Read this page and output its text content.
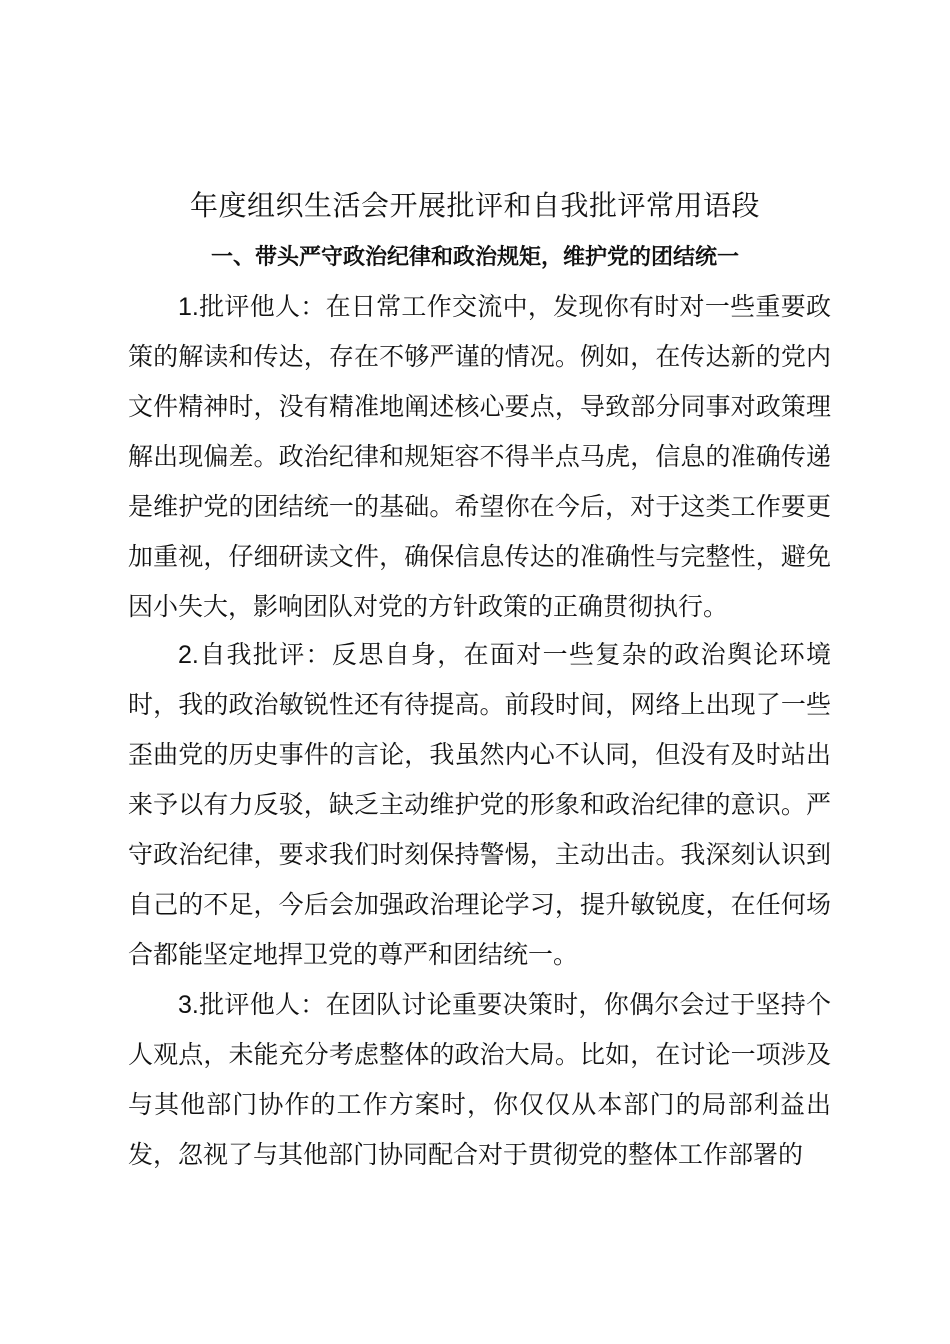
年度组织生活会开展批评和自我批评常用语段
一、带头严守政治纪律和政治规矩，维护党的团结统一

1.批评他人：在日常工作交流中，发现你有时对一些重要政策的解读和传达，存在不够严谨的情况。例如，在传达新的党内文件精神时，没有精准地阐述核心要点，导致部分同事对政策理解出现偏差。政治纪律和规矩容不得半点马虎，信息的准确传递是维护党的团结统一的基础。希望你在今后，对于这类工作要更加重视，仔细研读文件，确保信息传达的准确性与完整性，避免因小失大，影响团队对党的方针政策的正确贯彻执行。

2.自我批评：反思自身，在面对一些复杂的政治舆论环境时，我的政治敏锐性还有待提高。前段时间，网络上出现了一些歪曲党的历史事件的言论，我虽然内心不认同，但没有及时站出来予以有力反驳，缺乏主动维护党的形象和政治纪律的意识。严守政治纪律，要求我们时刻保持警惕，主动出击。我深刻认识到自己的不足，今后会加强政治理论学习，提升敏锐度，在任何场合都能坚定地捍卫党的尊严和团结统一。

3.批评他人：在团队讨论重要决策时，你偶尔会过于坚持个人观点，未能充分考虑整体的政治大局。比如，在讨论一项涉及与其他部门协作的工作方案时，你仅仅从本部门的局部利益出发，忽视了与其他部门协同配合对于贯彻党的整体工作部署的
